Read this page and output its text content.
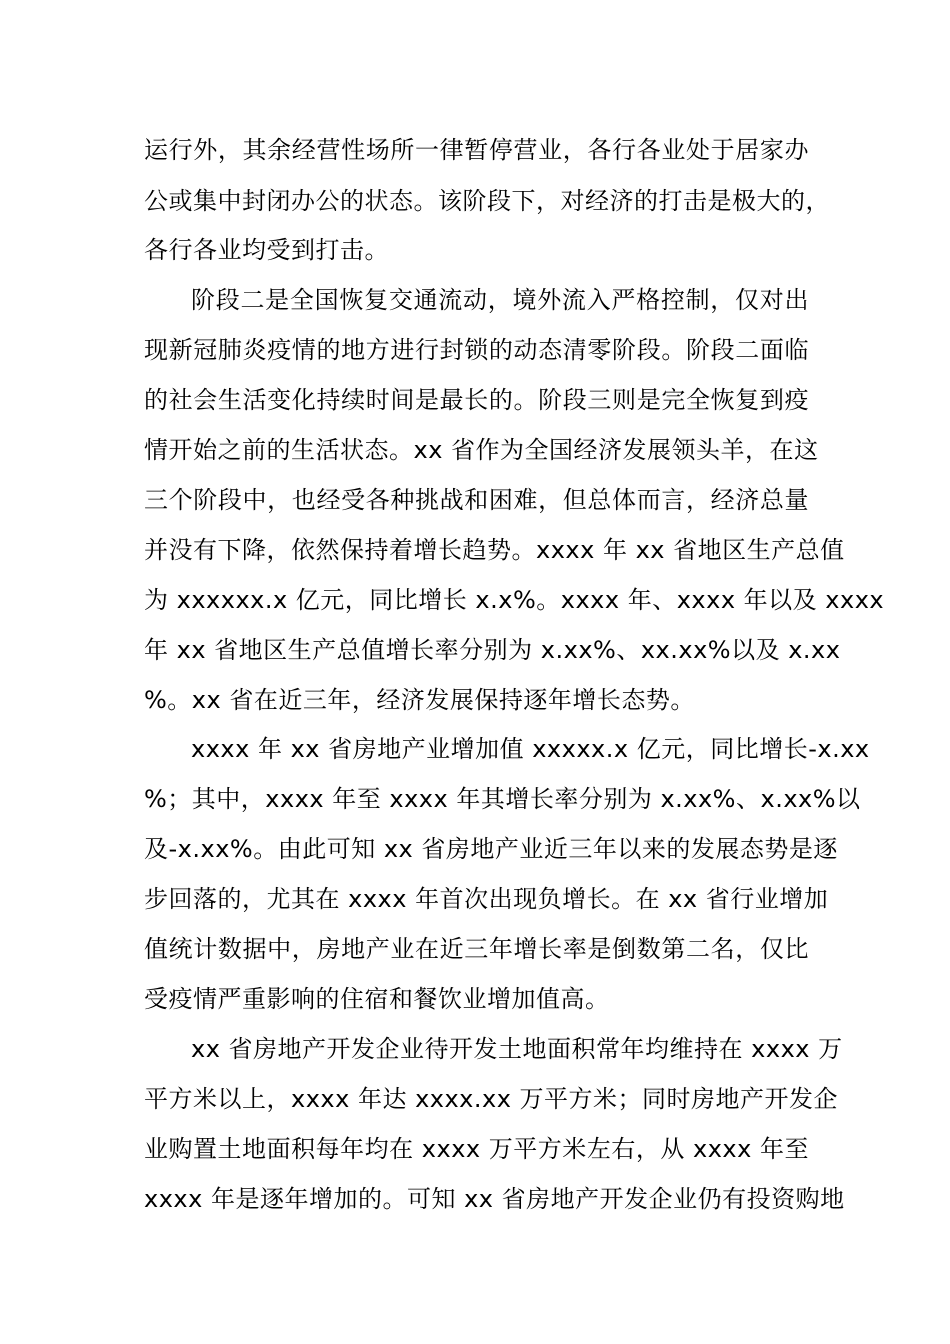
运行外，其余经营性场所一律暂停营业，各行各业处于居家办

公或集中封闭办公的状态。该阶段下，对经济的打击是极大的，

各行各业均受到打击。

阶段二是全国恢复交通流动，境外流入严格控制，仅对出

现新冠肺炎疫情的地方进行封锁的动态清零阶段。阶段二面临

的社会生活变化持续时间是最长的。阶段三则是完全恢复到疫

情开始之前的生活状态。xx 省作为全国经济发展领头羊，在这

三个阶段中，也经受各种挑战和困难，但总体而言，经济总量

并没有下降，依然保持着增长趋势。xxxx 年 xx 省地区生产总值

为 xxxxxx.x 亿元，同比增长 x.x%。xxxx 年、xxxx 年以及 xxxx

年 xx 省地区生产总值增长率分别为 x.xx%、xx.xx%以及 x.xx

%。xx 省在近三年，经济发展保持逐年增长态势。

xxxx 年 xx 省房地产业增加值 xxxxx.x 亿元，同比增长-x.xx

%；其中，xxxx 年至 xxxx 年其增长率分别为 x.xx%、x.xx%以

及-x.xx%。由此可知 xx 省房地产业近三年以来的发展态势是逐

步回落的，尤其在 xxxx 年首次出现负增长。在 xx 省行业增加

值统计数据中，房地产业在近三年增长率是倒数第二名，仅比

受疫情严重影响的住宿和餐饮业增加值高。

xx 省房地产开发企业待开发土地面积常年均维持在 xxxx 万

平方米以上，xxxx 年达 xxxx.xx 万平方米；同时房地产开发企

业购置土地面积每年均在 xxxx 万平方米左右，从 xxxx 年至

xxxx 年是逐年增加的。可知 xx 省房地产开发企业仍有投资购地
